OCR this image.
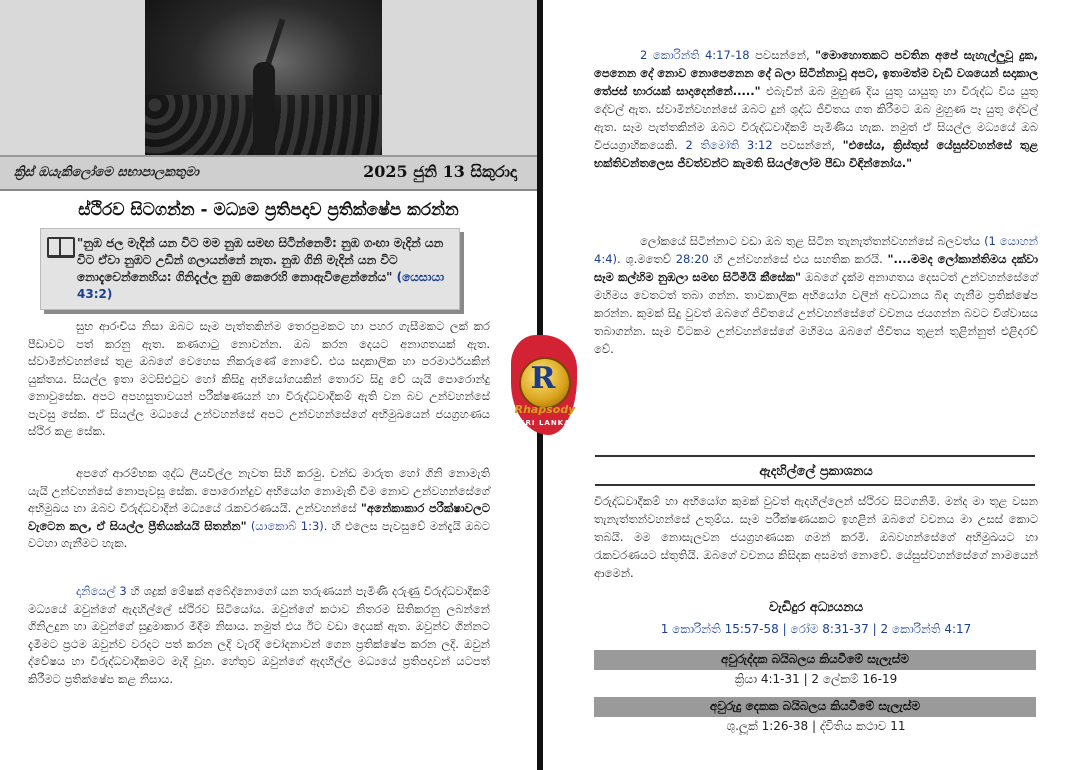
ක්‍රිස් ඔයැකිලෝමෙ සභාපාලකතුමා	2025 ජුනි 13 සිකුරාදා
ස්ථිරව සිටගන්න - මධ්‍යම ප්‍රතිපදාව ප්‍රතික්ෂේප කරන්න
"නුඹ ජල මැදින් යන විට මම නුඹ සමඟ සිටින්නෙමි: නුඹ ගංඟා මැදින් යන විට ඒවා නුඹට උඩින් ගලායන්නේ නැත. නුඹ ගිනි මැදින් යන විට නොදැවෙන්නෙහිය: ගිනිදැල්ල නුඹ කෙරෙහි නොඇවිළෙන්නේය" (යෙසායා 43:2)
සුභ ආරංචිය නිසා ඔබට සෑම පැත්තකින්ම තෙරපුමකට හා පහර ගැසීමකට ලක් කර පීඩාවට පත් කරනු ඇත. කණගාටු නොවන්න. ඔබ කරන දෙයට අනාගතයක් ඇත. ස්වාමින්වහන්සේ තුළ ඔබගේ වෙහෙස නිකරුණේ නොවේ. එය සදාකාලික හා පරමාර්ථයකින් යුක්තය. සියල්ල ඉතා මටසිළුටුව හෝ කිසිදු අභියෝගයකින් තොරව සිදු වේ යැයි පොරොන්දු නොවුසේක. අපට අපහසුතාවයන් පරීක්ෂණයන් හා විරුද්ධවාදීකම් ඇති වන බව උන්වහන්සේ පැවසු සේක. ඒ සියල්ල මධ්‍යයේ උන්වහන්සේ අපට උන්වහන්සේගේ අභිමුඛයෙන් ජයග්‍රහණය ස්ථිර කළ සේක.
අපගේ ආරම්භක ශුද්ධ ලියවිල්ල නැවත සිහි කරමු. චන්ඩ මාරුත හෝ ගිනි නොමැති යැයි උන්වහන්සේ නොපැවසූ සේක. පොරොන්දුව අභියෝග නොමැති වීම නොව උන්වහන්සේගේ අභිමුඛය හා ඔබව විරුද්ධවාදීන් මධ්‍යයේ රැකවරණයයි. උන්වහන්සේ "අනේකාකාර පරීක්ෂාවලට වැටෙන කල, ඒ සියල්ල ප්‍රීතියක්යයි සිතන්න" (යාකොබ් 1:3). හි එලෙස පැවසුවේ මන්දැයි ඔබට වටහා ගැනීමට හැක.
දානියෙල් 3 හි ශද්‍රක් මේෂක් අබේද්නොගෝ යන තරුණයන් පැමිණි දරුණු විරුද්ධවාදීකම් මධ්‍යයේ ඔවුන්ගේ ඇදහිල්ලේ ස්ථිරව සිටියෝය. ඔවුන්ගේ කථාව නිතරම සිතිකරනු ලබන්නේ ගිනිඋදුන හා ඔවුන්ගේ සුදුමාකාර මිදීම නිසාය. නමුත් එය ඊට වඩා දෙයක් ඇත. ඔවුන්ව ගින්නට දැමීමට ප්‍රථම ඔවුන්ව වරදට පත් කරන ලදි වැරදි චෝදනාවන් ගෙන ප්‍රතික්ෂේප කරන ලදි. ඔවුන් ද්වේෂය හා විරුද්ධවාදීකමට මැදි වූහ. හේතුව ඔවුන්ගේ ඇදහිල්ල මධ්‍යයේ ප්‍රතිපදාවන් යටපත් කිරීමට ප්‍රතික්ෂේප කළ නිසාය.
R
Rhapsody
SRI LANKA
2 කොරින්ති 4:17-18 පවසන්නේ, "මොහොතකට පවතින අපේ සැහැල්ලුවූ දුක, පෙනෙන දේ නොව නොපෙනෙන දේ බලා සිටින්නාවූ අපට, ඉතාමත්ම වැඩි වශයෙන් සදාකාල තේජස් භාරයක් සාදාදෙන්නේ....." එබැවින් ඔබ මුහුණ දිය යුතු යායුතු හා විරුද්ධ විය යුතු දේවල් ඇත. ස්වාමින්වහන්සේ ඔබට දුන් ශුද්ධ ජීවිතය ගත කිරීමට ඔබ මුහුණ පෑ යුතු දේවල් ඇත. සෑම පැත්තකින්ම ඔබට විරුද්ධවාදීකම් පැමිණිය හැක. නමුත් ඒ සියල්ල මධ්‍යයේ ඔබ විජයග්‍රාහිකයෙකි. 2 තිමෝති 3:12 පවසන්නේ, "එසේය, ක්‍රිස්තුස් යේසුස්වහන්සේ තුළ භක්තිවන්තලෙස ජීවත්වන්ට කැමති සියල්ලෝම පීඩා විඳින්නෝය."
ලෝකයේ සිටින්නාට වඩා ඔබ තුළ සිටින තැනැත්තන්වහන්සේ බලවත්ය (1 යොහන් 4:4). ශු.මතෙව් 28:20 හි උන්වහන්සේ එය සහතික කරයි. "....මමද ලෝකාන්තිමය දක්වා සෑම කල්හිම නුඹලා සමඟ සිටිමියි කීසේක" ඔබගේ දැක්ම අනාගතය දෙසටත් උන්වහන්සේගේ මහිමය වෙතටත් තබා ගන්න. තාවකාලික අභියෝග වලින් අවධානය බිඳ ගැනීම ප්‍රතික්ෂේප කරන්න. කුමක් සිදු වුවත් ඔබගේ ජීවිතයේ උන්වහන්සේගේ වචනය ජයගන්න බවට විශ්වාසය තබාගන්න. සෑම විටකම උන්වහන්සේගේ මහිමය ඔබගේ ජීවිතය තුළන් තුළින්නුත් එළිදරව් වේ.
ඇදහිල්ලේ ප්‍රකාශනය
විරුද්ධවාදීකම් හා අභියෝග කුමක් වුවත් ඇදහිල්ලෙන් ස්ථිරව සිටගනිමි. මන්ද මා තුළ වසන තැනැත්තන්වහන්සේ උතුම්ය. සෑම පරීක්ෂණයකට ඉහළින් ඔබගේ වචනය මා උසස් කොට තබයි. මම නොසැලවන ජයග්‍රහණයක ගමන් කරමි. ඔබවහන්සේගේ අභිමුඛයට හා රැකවරණයට ස්තුතියි. ඔබගේ වචනය කිසිදක අසමත් නොවේ. යේසුස්වහන්සේගේ නාමයෙන් ආමෙන්.
වැඩිදුර අධ්‍යයනය
1 කොරින්ති 15:57-58 | රෝම 8:31-37 | 2 කොරින්ති 4:17
අවුරුද්දක බයිබලය කියවීමේ සැලැස්ම
ක්‍රියා 4:1-31 | 2 ලේකම් 16-19
අවුරුදු දෙකක බයිබලය කියවීමේ සැලැස්ම
ශු.ලූක් 1:26-38 | ද්විතිය කථාව 11
